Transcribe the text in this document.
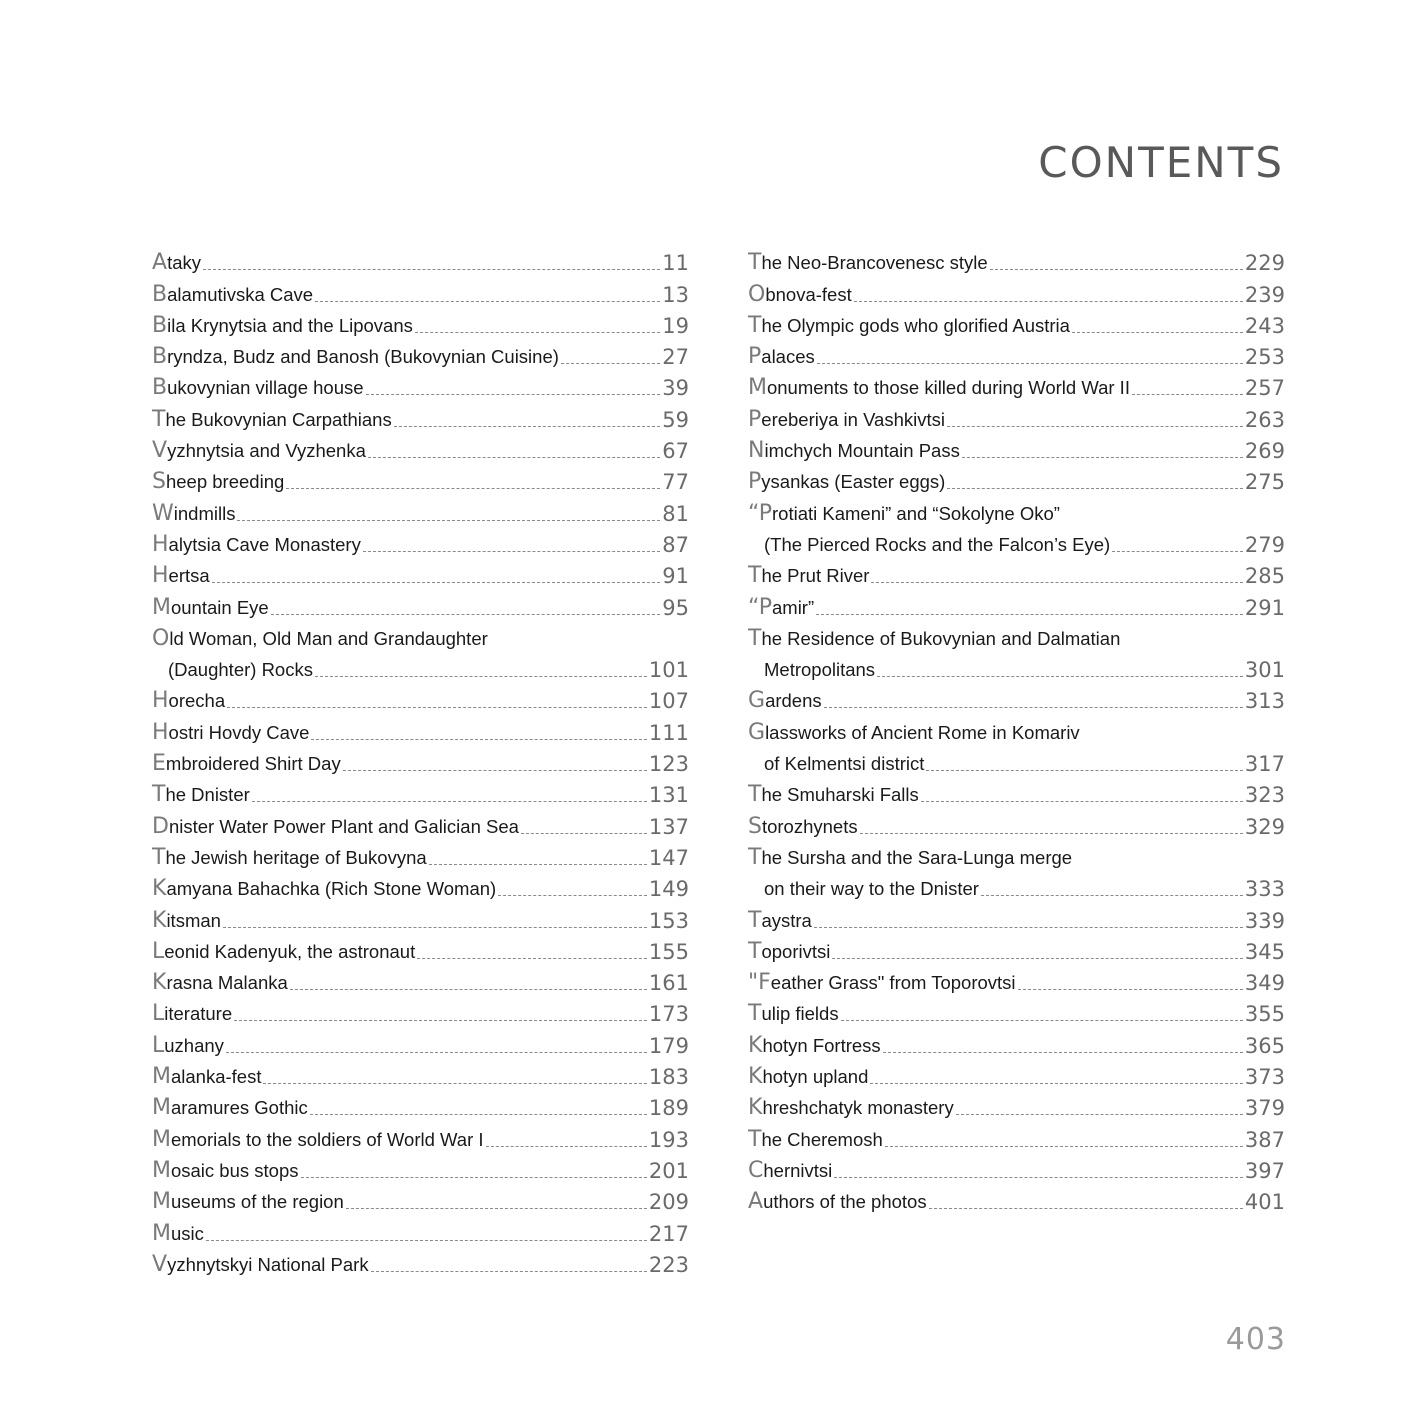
CONTENTS
Ataky	11
Balamutivska Cave	13
Bila Krynytsia and the Lipovans	19
Bryndza, Budz and Banosh (Bukovynian Cuisine)	27
Bukovynian village house	39
The Bukovynian Carpathians	59
Vyzhnytsia and Vyzhenka	67
Sheep breeding	77
Windmills	81
Halytsia Cave Monastery	87
Hertsa	91
Mountain Eye	95
Old Woman, Old Man and Grandaughter
(Daughter) Rocks	101
Horecha	107
Hostri Hovdy Cave	111
Embroidered Shirt Day	123
The Dnister	131
Dnister Water Power Plant and Galician Sea	137
The Jewish heritage of Bukovyna	147
Kamyana Bahachka (Rich Stone Woman)	149
Kitsman	153
Leonid Kadenyuk, the astronaut	155
Krasna Malanka	161
Literature	173
Luzhany	179
Malanka-fest	183
Maramures Gothic	189
Memorials to the soldiers of World War I	193
Mosaic bus stops	201
Museums of the region	209
Music	217
Vyzhnytskyi National Park	223
The Neo-Brancovenesc style	229
Obnova-fest	239
The Olympic gods who glorified Austria	243
Palaces	253
Monuments to those killed during World War II	257
Pereberiya in Vashkivtsi	263
Nimchych Mountain Pass	269
Pysankas (Easter eggs)	275
“Protiati Kameni” and “Sokolyne Oko”
(The Pierced Rocks and the Falcon’s Eye)	279
The Prut River	285
“Pamir”	291
The Residence of Bukovynian and Dalmatian
Metropolitans	301
Gardens	313
Glassworks of Ancient Rome in Komariv
of Kelmentsi district	317
The Smuharski Falls	323
Storozhynets	329
The Sursha and the Sara-Lunga merge
on their way to the Dnister	333
Taystra	339
Toporivtsi	345
"Feather Grass" from Toporovtsi	349
Tulip fields	355
Khotyn Fortress	365
Khotyn upland	373
Khreshchatyk monastery	379
The Cheremosh	387
Chernivtsi	397
Authors of the photos	401
403
